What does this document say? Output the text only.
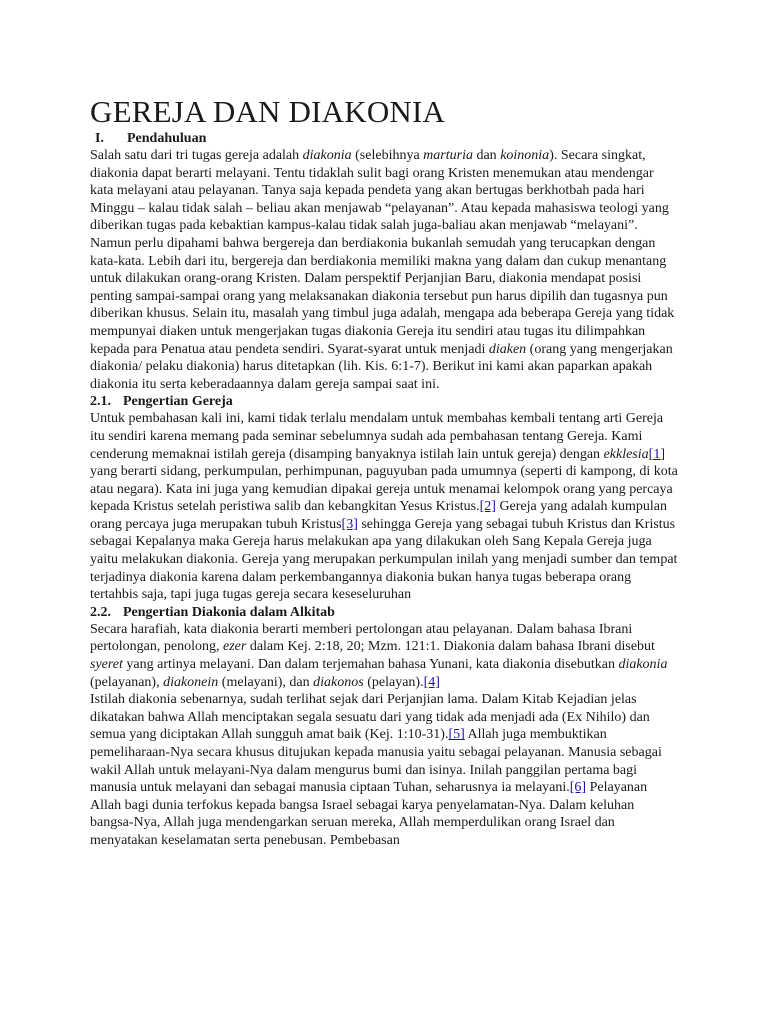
GEREJA DAN DIAKONIA
I. Pendahuluan

Salah satu dari tri tugas gereja adalah diakonia (selebihnya marturia dan koinonia). Secara singkat, diakonia dapat berarti melayani. Tentu tidaklah sulit bagi orang Kristen menemukan atau mendengar kata melayani atau pelayanan. Tanya saja kepada pendeta yang akan bertugas berkhotbah pada hari Minggu – kalau tidak salah – beliau akan menjawab “pelayanan”. Atau kepada mahasiswa teologi yang diberikan tugas pada kebaktian kampus-kalau tidak salah juga-baliau akan menjawab “melayani”.

Namun perlu dipahami bahwa bergereja dan berdiakonia bukanlah semudah yang terucapkan dengan kata-kata. Lebih dari itu, bergereja dan berdiakonia memiliki makna yang dalam dan cukup menantang untuk dilakukan orang-orang Kristen. Dalam perspektif Perjanjian Baru, diakonia mendapat posisi penting sampai-sampai orang yang melaksanakan diakonia tersebut pun harus dipilih dan tugasnya pun diberikan khusus. Selain itu, masalah yang timbul juga adalah, mengapa ada beberapa Gereja yang tidak mempunyai diaken untuk mengerjakan tugas diakonia Gereja itu sendiri atau tugas itu dilimpahkan kepada para Penatua atau pendeta sendiri. Syarat-syarat untuk menjadi diaken (orang yang mengerjakan diakonia/ pelaku diakonia) harus ditetapkan (lih. Kis. 6:1-7). Berikut ini kami akan paparkan apakah diakonia itu serta keberadaannya dalam gereja sampai saat ini.

2.1. Pengertian Gereja

Untuk pembahasan kali ini, kami tidak terlalu mendalam untuk membahas kembali tentang arti Gereja itu sendiri karena memang pada seminar sebelumnya sudah ada pembahasan tentang Gereja. Kami cenderung memaknai istilah gereja (disamping banyaknya istilah lain untuk gereja) dengan ekklesia[1] yang berarti sidang, perkumpulan, perhimpunan, paguyuban pada umumnya (seperti di kampong, di kota atau negara). Kata ini juga yang kemudian dipakai gereja untuk menamai kelompok orang yang percaya kepada Kristus setelah peristiwa salib dan kebangkitan Yesus Kristus.[2] Gereja yang adalah kumpulan orang percaya juga merupakan tubuh Kristus[3] sehingga Gereja yang sebagai tubuh Kristus dan Kristus sebagai Kepalanya maka Gereja harus melakukan apa yang dilakukan oleh Sang Kepala Gereja juga yaitu melakukan diakonia. Gereja yang merupakan perkumpulan inilah yang menjadi sumber dan tempat terjadinya diakonia karena dalam perkembangannya diakonia bukan hanya tugas beberapa orang tertahbis saja, tapi juga tugas gereja secara keseseluruhan

2.2. Pengertian Diakonia dalam Alkitab

Secara harafiah, kata diakonia berarti memberi pertolongan atau pelayanan. Dalam bahasa Ibrani pertolongan, penolong, ezer dalam Kej. 2:18, 20; Mzm. 121:1. Diakonia dalam bahasa Ibrani disebut syeret yang artinya melayani. Dan dalam terjemahan bahasa Yunani, kata diakonia disebutkan diakonia (pelayanan), diakonein (melayani), dan diakonos (pelayan).[4]

Istilah diakonia sebenarnya, sudah terlihat sejak dari Perjanjian lama. Dalam Kitab Kejadian jelas dikatakan bahwa Allah menciptakan segala sesuatu dari yang tidak ada menjadi ada (Ex Nihilo) dan semua yang diciptakan Allah sungguh amat baik (Kej. 1:10-31).[5] Allah juga membuktikan pemeliharaan-Nya secara khusus ditujukan kepada manusia yaitu sebagai pelayanan. Manusia sebagai wakil Allah untuk melayani-Nya dalam mengurus bumi dan isinya. Inilah panggilan pertama bagi manusia untuk melayani dan sebagai manusia ciptaan Tuhan, seharusnya ia melayani.[6] Pelayanan Allah bagi dunia terfokus kepada bangsa Israel sebagai karya penyelamatan-Nya. Dalam keluhan bangsa-Nya, Allah juga mendengarkan seruan mereka, Allah memperdulikan orang Israel dan menyatakan keselamatan serta penebusan. Pembebasan
